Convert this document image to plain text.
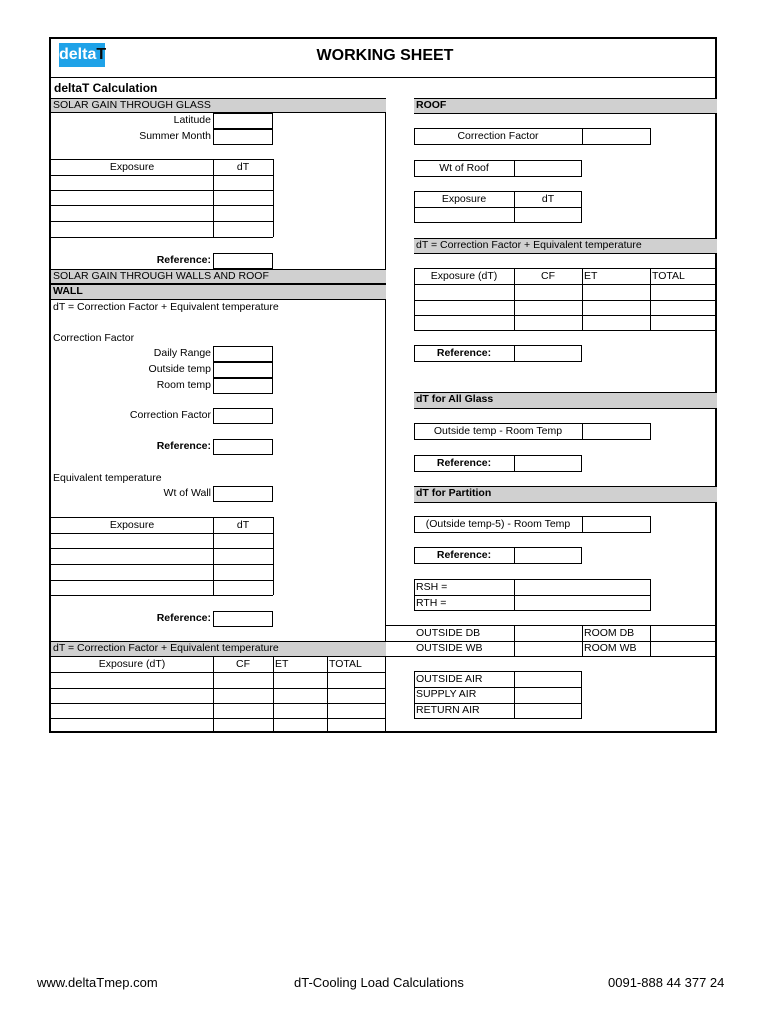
deltaT	WORKING SHEET
deltaT Calculation
SOLAR GAIN THROUGH GLASS
Latitude
Summer Month
Exposure	dT
Reference:
SOLAR GAIN THROUGH WALLS AND ROOF
WALL
dT = Correction Factor + Equivalent temperature
Correction Factor
Daily Range
Outside temp
Room temp
Correction Factor
Reference:
Equivalent temperature
Wt of Wall
Exposure	dT
Reference:
dT = Correction Factor + Equivalent temperature
Exposure (dT)	CF	ET	TOTAL
ROOF
Correction Factor
Wt of Roof
Exposure	dT
dT = Correction Factor + Equivalent temperature
Exposure (dT)	CF	ET	TOTAL
Reference:
dT for All Glass
Outside temp - Room Temp
Reference:
dT for Partition
(Outside temp-5) - Room Temp
Reference:
RSH =
RTH =
OUTSIDE DB	ROOM DB
OUTSIDE WB	ROOM WB
OUTSIDE AIR
SUPPLY AIR
RETURN AIR
www.deltaTmep.com	dT-Cooling Load Calculations	0091-888 44 377 24
